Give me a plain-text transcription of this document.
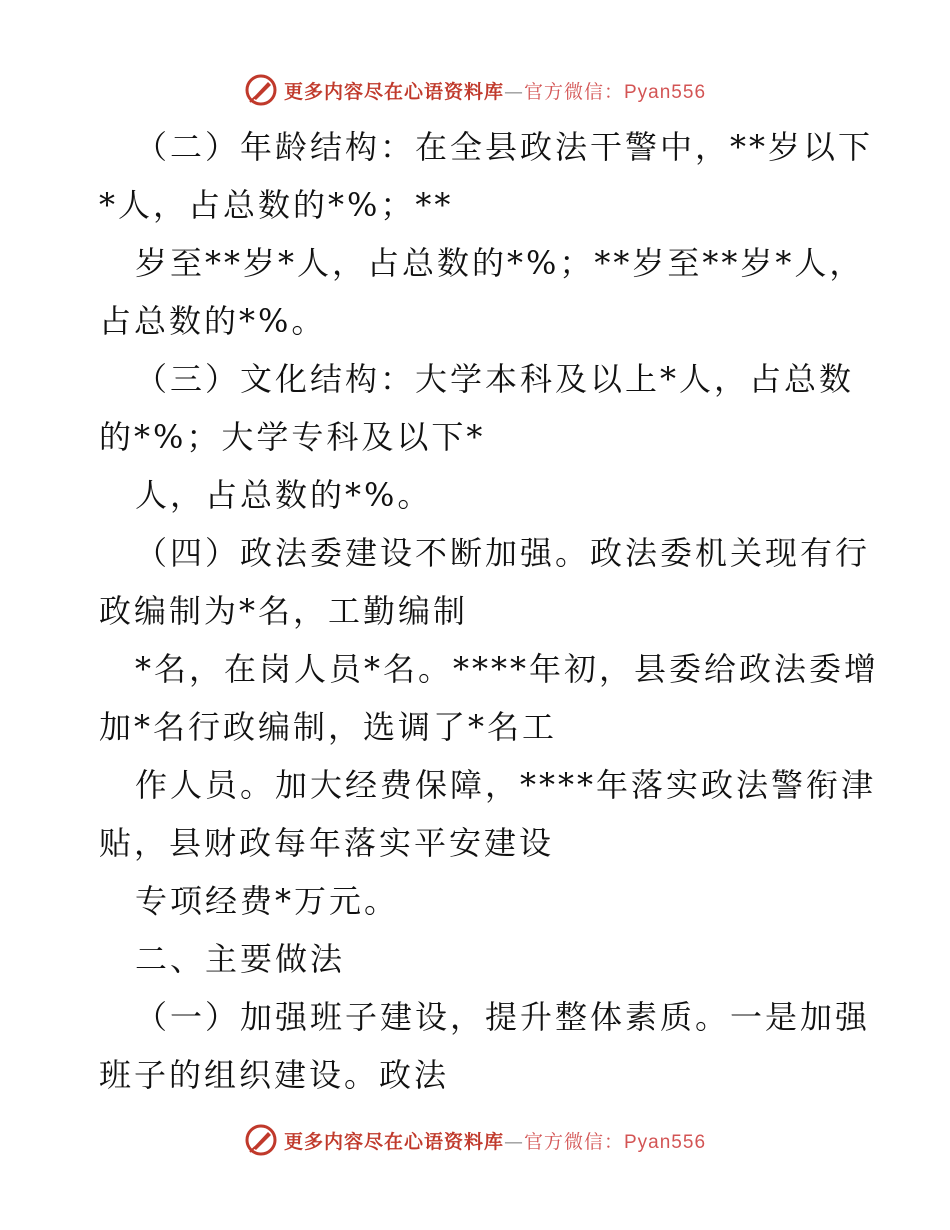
更多内容尽在心语资料库 — 官方微信： Pyan556
（二）年龄结构：在全县政法干警中，**岁以下
*人，占总数的*%；**
岁至**岁*人，占总数的*%；**岁至**岁*人，
占总数的*%。
（三）文化结构：大学本科及以上*人，占总数
的*%；大学专科及以下*
人，占总数的*%。
（四）政法委建设不断加强。政法委机关现有行
政编制为*名，工勤编制
*名，在岗人员*名。****年初，县委给政法委增
加*名行政编制，选调了*名工
作人员。加大经费保障，****年落实政法警衔津
贴，县财政每年落实平安建设
专项经费*万元。
二、主要做法
（一）加强班子建设，提升整体素质。一是加强
班子的组织建设。政法
更多内容尽在心语资料库 — 官方微信： Pyan556
